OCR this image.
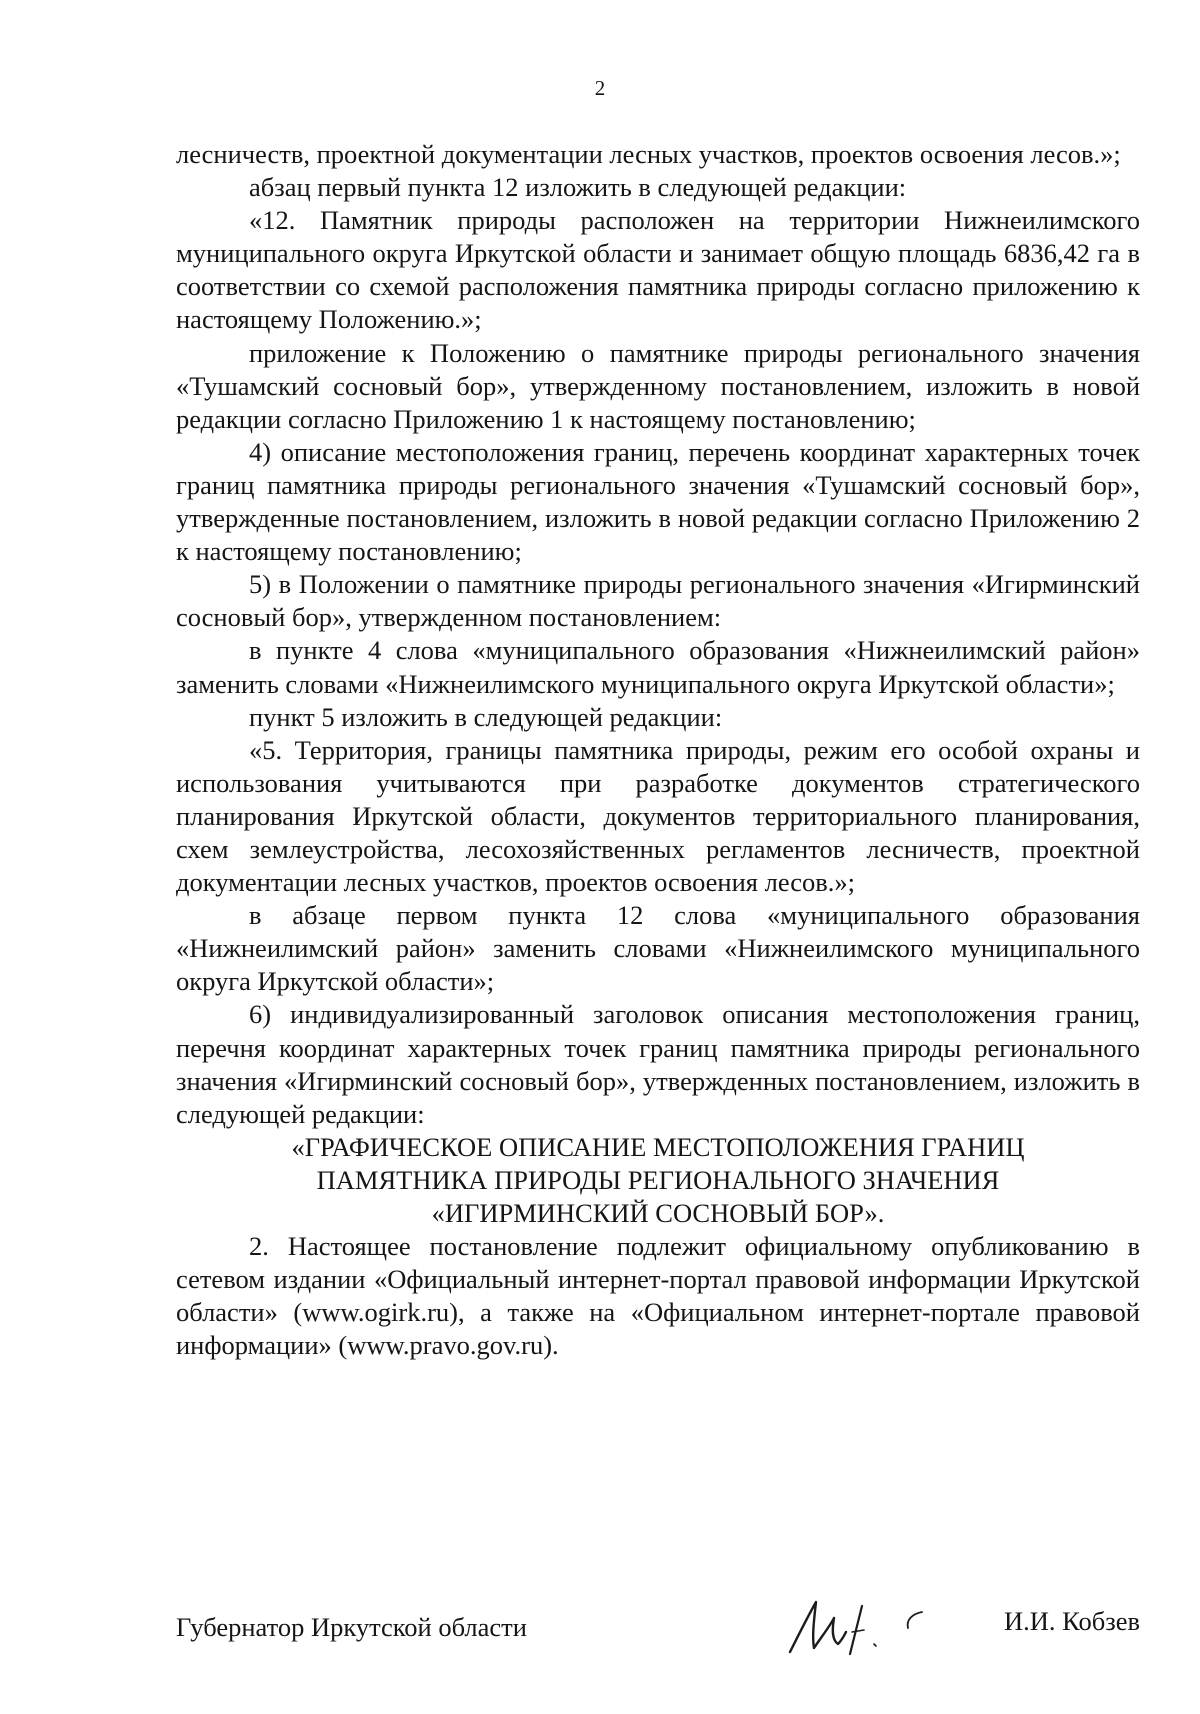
2

лесничеств, проектной документации лесных участков, проектов освоения лесов.»;

абзац первый пункта 12 изложить в следующей редакции:

«12. Памятник природы расположен на территории Нижнеилимского муниципального округа Иркутской области и занимает общую площадь 6836,42 га в соответствии со схемой расположения памятника природы согласно приложению к настоящему Положению.»;

приложение к Положению о памятнике природы регионального значения «Тушамский сосновый бор», утвержденному постановлением, изложить в новой редакции согласно Приложению 1 к настоящему постановлению;

4) описание местоположения границ, перечень координат характерных точек границ памятника природы регионального значения «Тушамский сосновый бор», утвержденные постановлением, изложить в новой редакции согласно Приложению 2 к настоящему постановлению;

5) в Положении о памятнике природы регионального значения «Игирминский сосновый бор», утвержденном постановлением:

в пункте 4 слова «муниципального образования «Нижнеилимский район» заменить словами «Нижнеилимского муниципального округа Иркутской области»;

пункт 5 изложить в следующей редакции:

«5. Территория, границы памятника природы, режим его особой охраны и использования учитываются при разработке документов стратегического планирования Иркутской области, документов территориального планирования, схем землеустройства, лесохозяйственных регламентов лесничеств, проектной документации лесных участков, проектов освоения лесов.»;

в абзаце первом пункта 12 слова «муниципального образования «Нижнеилимский район» заменить словами «Нижнеилимского муниципального округа Иркутской области»;

6) индивидуализированный заголовок описания местоположения границ, перечня координат характерных точек границ памятника природы регионального значения «Игирминский сосновый бор», утвержденных постановлением, изложить в следующей редакции:

«ГРАФИЧЕСКОЕ ОПИСАНИЕ МЕСТОПОЛОЖЕНИЯ ГРАНИЦ
ПАМЯТНИКА ПРИРОДЫ РЕГИОНАЛЬНОГО ЗНАЧЕНИЯ
«ИГИРМИНСКИЙ СОСНОВЫЙ БОР».

2. Настоящее постановление подлежит официальному опубликованию в сетевом издании «Официальный интернет-портал правовой информации Иркутской области» (www.ogirk.ru), а также на «Официальном интернет-портале правовой информации» (www.pravo.gov.ru).

Губернатор Иркутской области	И.И. Кобзев
